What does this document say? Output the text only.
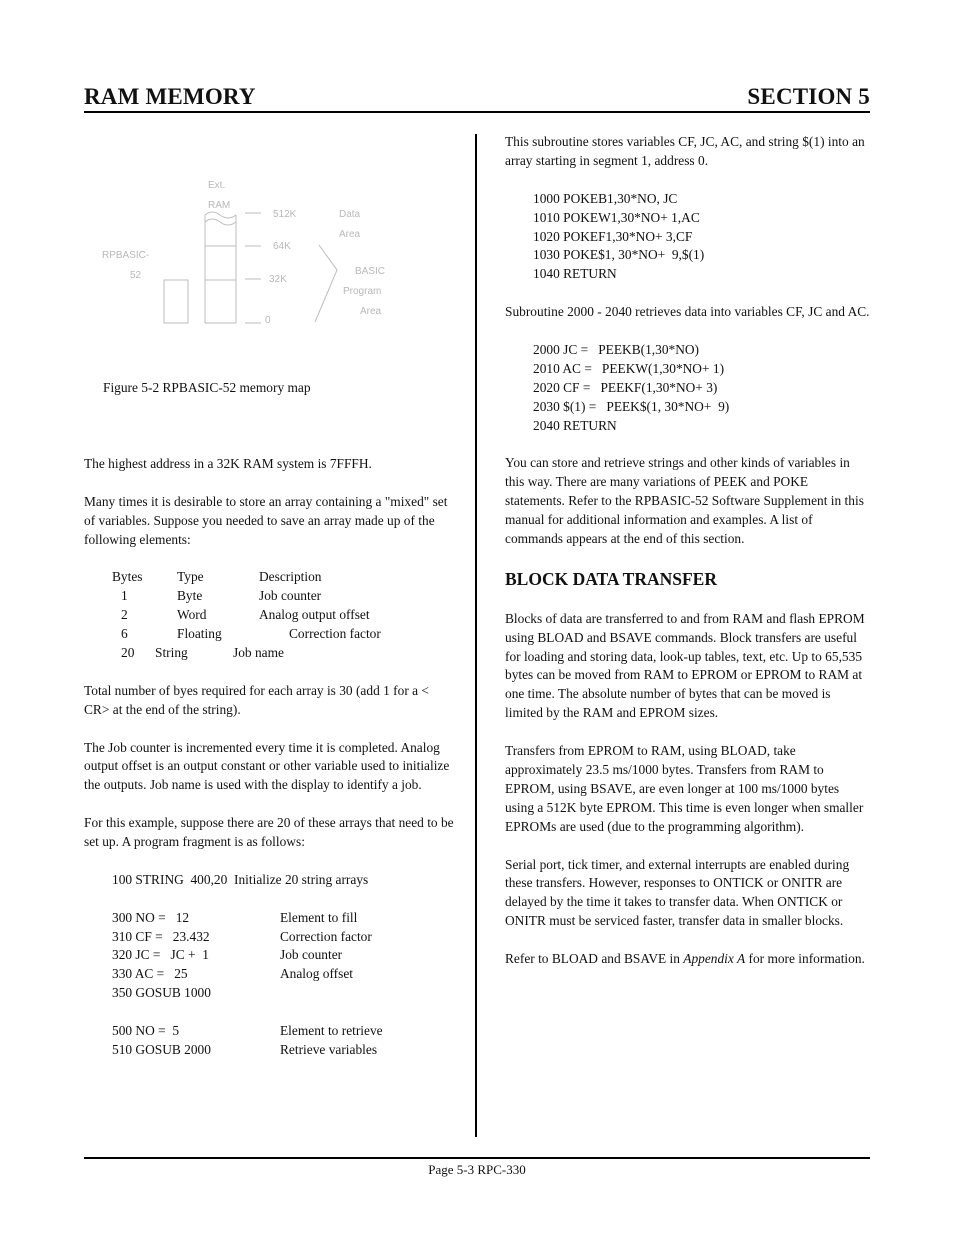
RAM MEMORY	SECTION 5
Ext.
RAM
512K
64K
32K
0
Data
Area
BASIC
Program
Area
RPBASIC-
52
Figure 5-2 RPBASIC-52 memory map

The highest address in a 32K RAM system is 7FFFH.

Many times it is desirable to store an array containing a "mixed" set of variables. Suppose you needed to save an array made up of the following elements:

Bytes	Type	Description
1	Byte	Job counter
2	Word	Analog output offset
6	Floating	Correction factor
20	String	Job name

Total number of byes required for each array is 30 (add 1 for a < CR> at the end of the string).

The Job counter is incremented every time it is completed. Analog output offset is an output constant or other variable used to initialize the outputs. Job name is used with the display to identify a job.

For this example, suppose there are 20 of these arrays that need to be set up. A program fragment is as follows:

100 STRING  400,20  Initialize 20 string arrays
300 NO =   12	Element to fill
310 CF =   23.432	Correction factor
320 JC =   JC +  1	Job counter
330 AC =   25	Analog offset
350 GOSUB 1000
500 NO =  5	Element to retrieve
510 GOSUB 2000	Retrieve variables

This subroutine stores variables CF, JC, AC, and string $(1) into an array starting in segment 1, address 0.

1000 POKEB1,30*NO, JC
1010 POKEW1,30*NO+ 1,AC
1020 POKEF1,30*NO+ 3,CF
1030 POKE$1, 30*NO+  9,$(1)
1040 RETURN

Subroutine 2000 - 2040 retrieves data into variables CF, JC and AC.

2000 JC =   PEEKB(1,30*NO)
2010 AC =   PEEKW(1,30*NO+ 1)
2020 CF =   PEEKF(1,30*NO+ 3)
2030 $(1) =   PEEK$(1, 30*NO+  9)
2040 RETURN

You can store and retrieve strings and other kinds of variables in this way. There are many variations of PEEK and POKE statements. Refer to the RPBASIC-52 Software Supplement in this manual for additional information and examples. A list of commands appears at the end of this section.

BLOCK DATA TRANSFER

Blocks of data are transferred to and from RAM and flash EPROM using BLOAD and BSAVE commands. Block transfers are useful for loading and storing data, look-up tables, text, etc. Up to 65,535 bytes can be moved from RAM to EPROM or EPROM to RAM at one time. The absolute number of bytes that can be moved is limited by the RAM and EPROM sizes.

Transfers from EPROM to RAM, using BLOAD, take approximately 23.5 ms/1000 bytes. Transfers from RAM to EPROM, using BSAVE, are even longer at 100 ms/1000 bytes using a 512K byte EPROM. This time is even longer when smaller EPROMs are used (due to the programming algorithm).

Serial port, tick timer, and external interrupts are enabled during these transfers. However, responses to ONTICK or ONITR are delayed by the time it takes to transfer data. When ONTICK or ONITR must be serviced faster, transfer data in smaller blocks.

Refer to BLOAD and BSAVE in Appendix A for more information.

Page 5-3 RPC-330
